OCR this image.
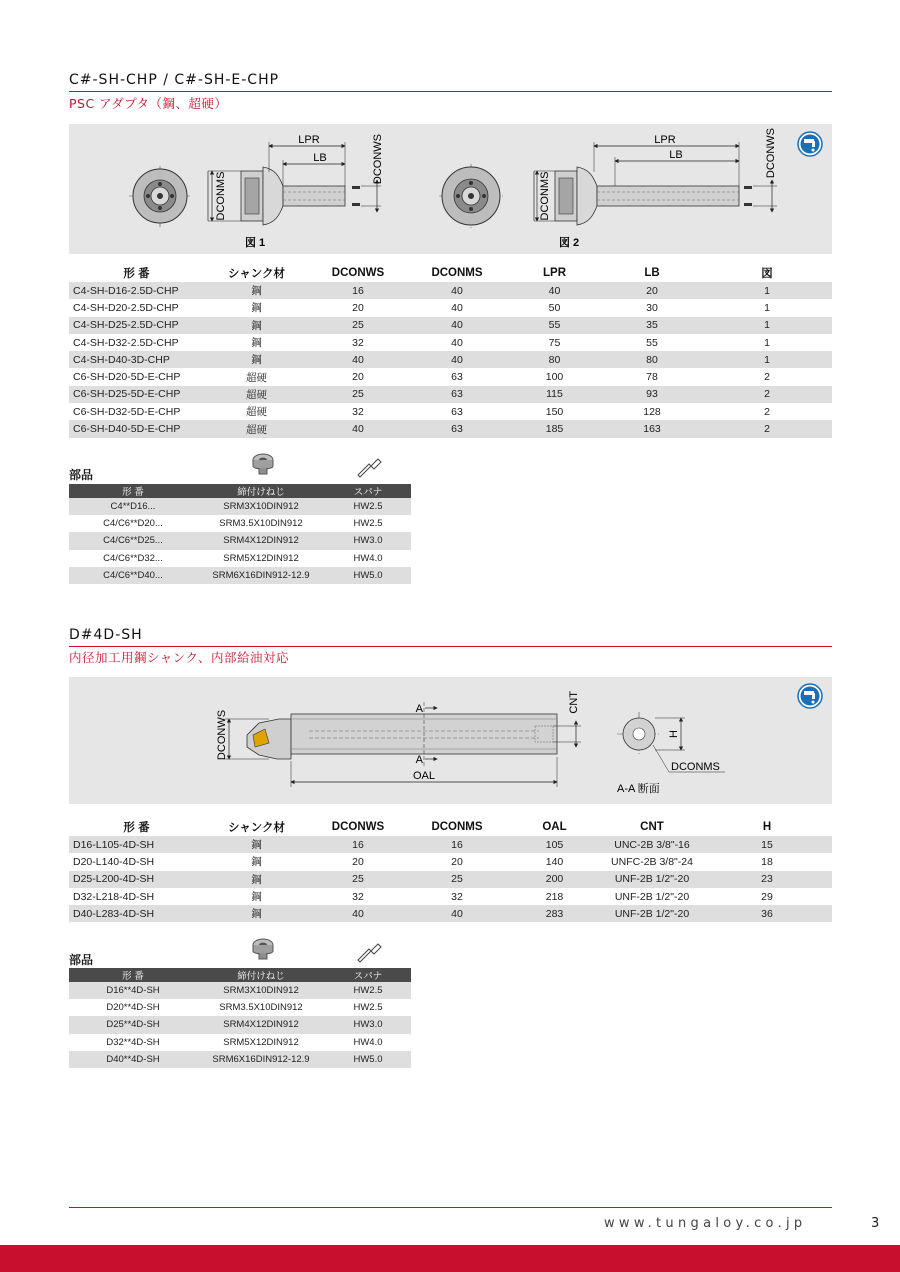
C#-SH-CHP / C#-SH-E-CHP
PSC アダプタ（鋼、超硬）
DCONMS
LPR
LB	DCONWS
図 1
DCONMS
LPR
LB	DCONWS
図 2
形 番	シャンク材	DCONWS	DCONMS	LPR	LB	図
C4-SH-D16-2.5D-CHP	鋼	16	40	40	20	1
C4-SH-D20-2.5D-CHP	鋼	20	40	50	30	1
C4-SH-D25-2.5D-CHP	鋼	25	40	55	35	1
C4-SH-D32-2.5D-CHP	鋼	32	40	75	55	1
C4-SH-D40-3D-CHP	鋼	40	40	80	80	1
C6-SH-D20-5D-E-CHP	超硬	20	63	100	78	2
C6-SH-D25-5D-E-CHP	超硬	25	63	115	93	2
C6-SH-D32-5D-E-CHP	超硬	32	63	150	128	2
C6-SH-D40-5D-E-CHP	超硬	40	63	185	163	2
部品
形 番	締付けねじ	スパナ
C4**D16...	SRM3X10DIN912	HW2.5
C4/C6**D20...	SRM3.5X10DIN912	HW2.5
C4/C6**D25...	SRM4X12DIN912	HW3.0
C4/C6**D32...	SRM5X12DIN912	HW4.0
C4/C6**D40...	SRM6X16DIN912-12.9	HW5.0
D#4D-SH
内径加工用鋼シャンク、内部給油対応
DCONWS
A
A
OAL
CNT
H
DCONMS
A-A 断面
形 番	シャンク材	DCONWS	DCONMS	OAL	CNT	H
D16-L105-4D-SH	鋼	16	16	105	UNC-2B 3/8"-16	15
D20-L140-4D-SH	鋼	20	20	140	UNFC-2B 3/8"-24	18
D25-L200-4D-SH	鋼	25	25	200	UNF-2B 1/2"-20	23
D32-L218-4D-SH	鋼	32	32	218	UNF-2B 1/2"-20	29
D40-L283-4D-SH	鋼	40	40	283	UNF-2B 1/2"-20	36
部品
形 番	締付けねじ	スパナ
D16**4D-SH	SRM3X10DIN912	HW2.5
D20**4D-SH	SRM3.5X10DIN912	HW2.5
D25**4D-SH	SRM4X12DIN912	HW3.0
D32**4D-SH	SRM5X12DIN912	HW4.0
D40**4D-SH	SRM6X16DIN912-12.9	HW5.0
www.tungaloy.co.jp	3
